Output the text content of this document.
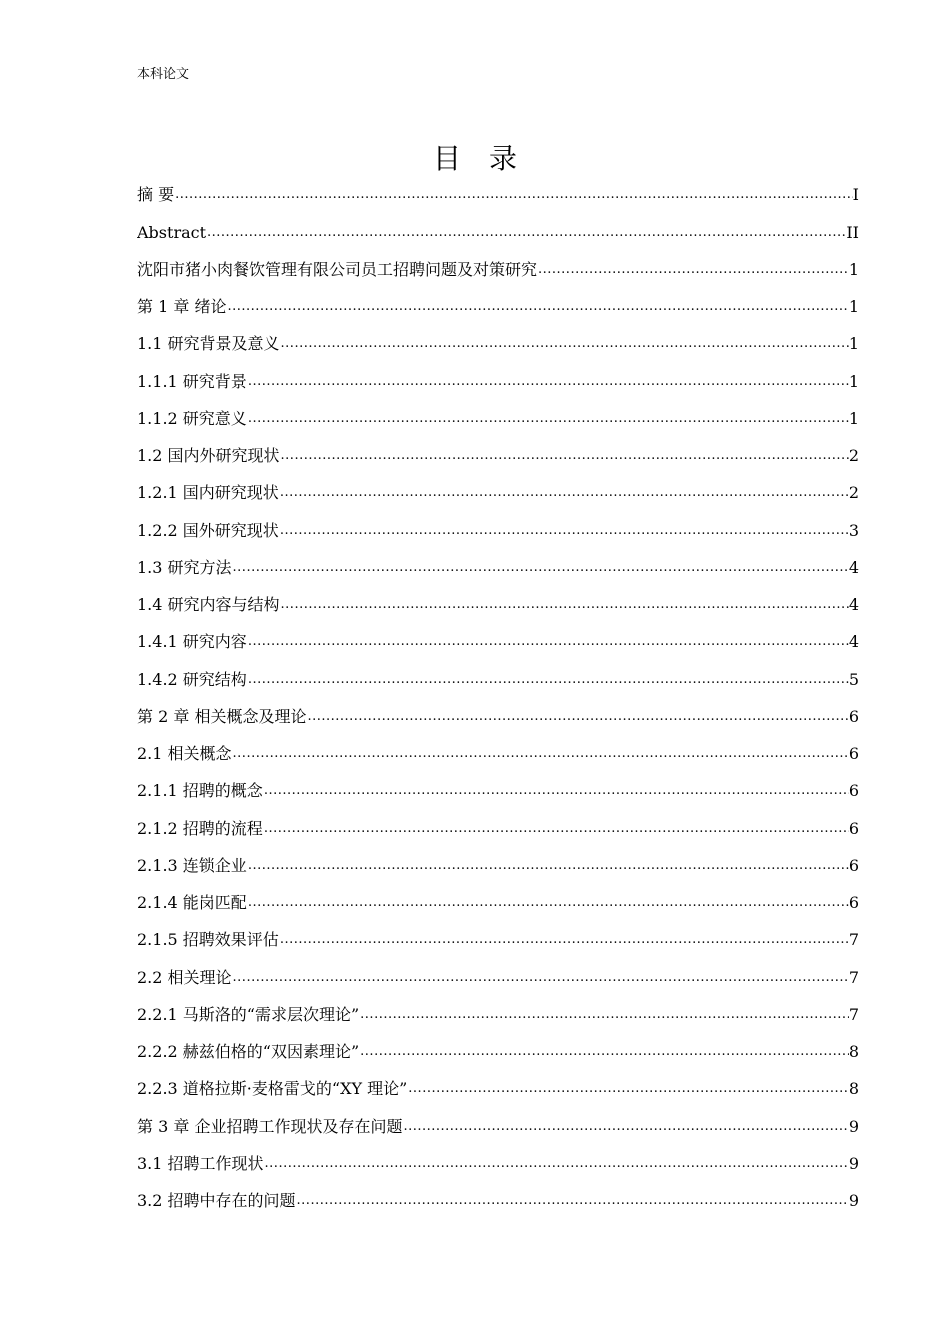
本科论文
目录
摘 要 .....	I
Abstract .....	II
沈阳市猪小肉餐饮管理有限公司员工招聘问题及对策研究 .....	1
第 1 章 绪论 .....	1
1.1 研究背景及意义 .....	1
1.1.1 研究背景 .....	1
1.1.2 研究意义 .....	1
1.2 国内外研究现状 .....	2
1.2.1 国内研究现状 .....	2
1.2.2 国外研究现状 .....	3
1.3 研究方法 .....	4
1.4 研究内容与结构 .....	4
1.4.1 研究内容 .....	4
1.4.2 研究结构 .....	5
第 2 章 相关概念及理论 .....	6
2.1 相关概念 .....	6
2.1.1 招聘的概念 .....	6
2.1.2 招聘的流程 .....	6
2.1.3 连锁企业 .....	6
2.1.4 能岗匹配 .....	6
2.1.5 招聘效果评估 .....	7
2.2 相关理论 .....	7
2.2.1 马斯洛的“需求层次理论” .....	7
2.2.2 赫兹伯格的“双因素理论” .....	8
2.2.3 道格拉斯·麦格雷戈的“XY 理论” .....	8
第 3 章 企业招聘工作现状及存在问题 .....	9
3.1 招聘工作现状 .....	9
3.2 招聘中存在的问题 .....	9
